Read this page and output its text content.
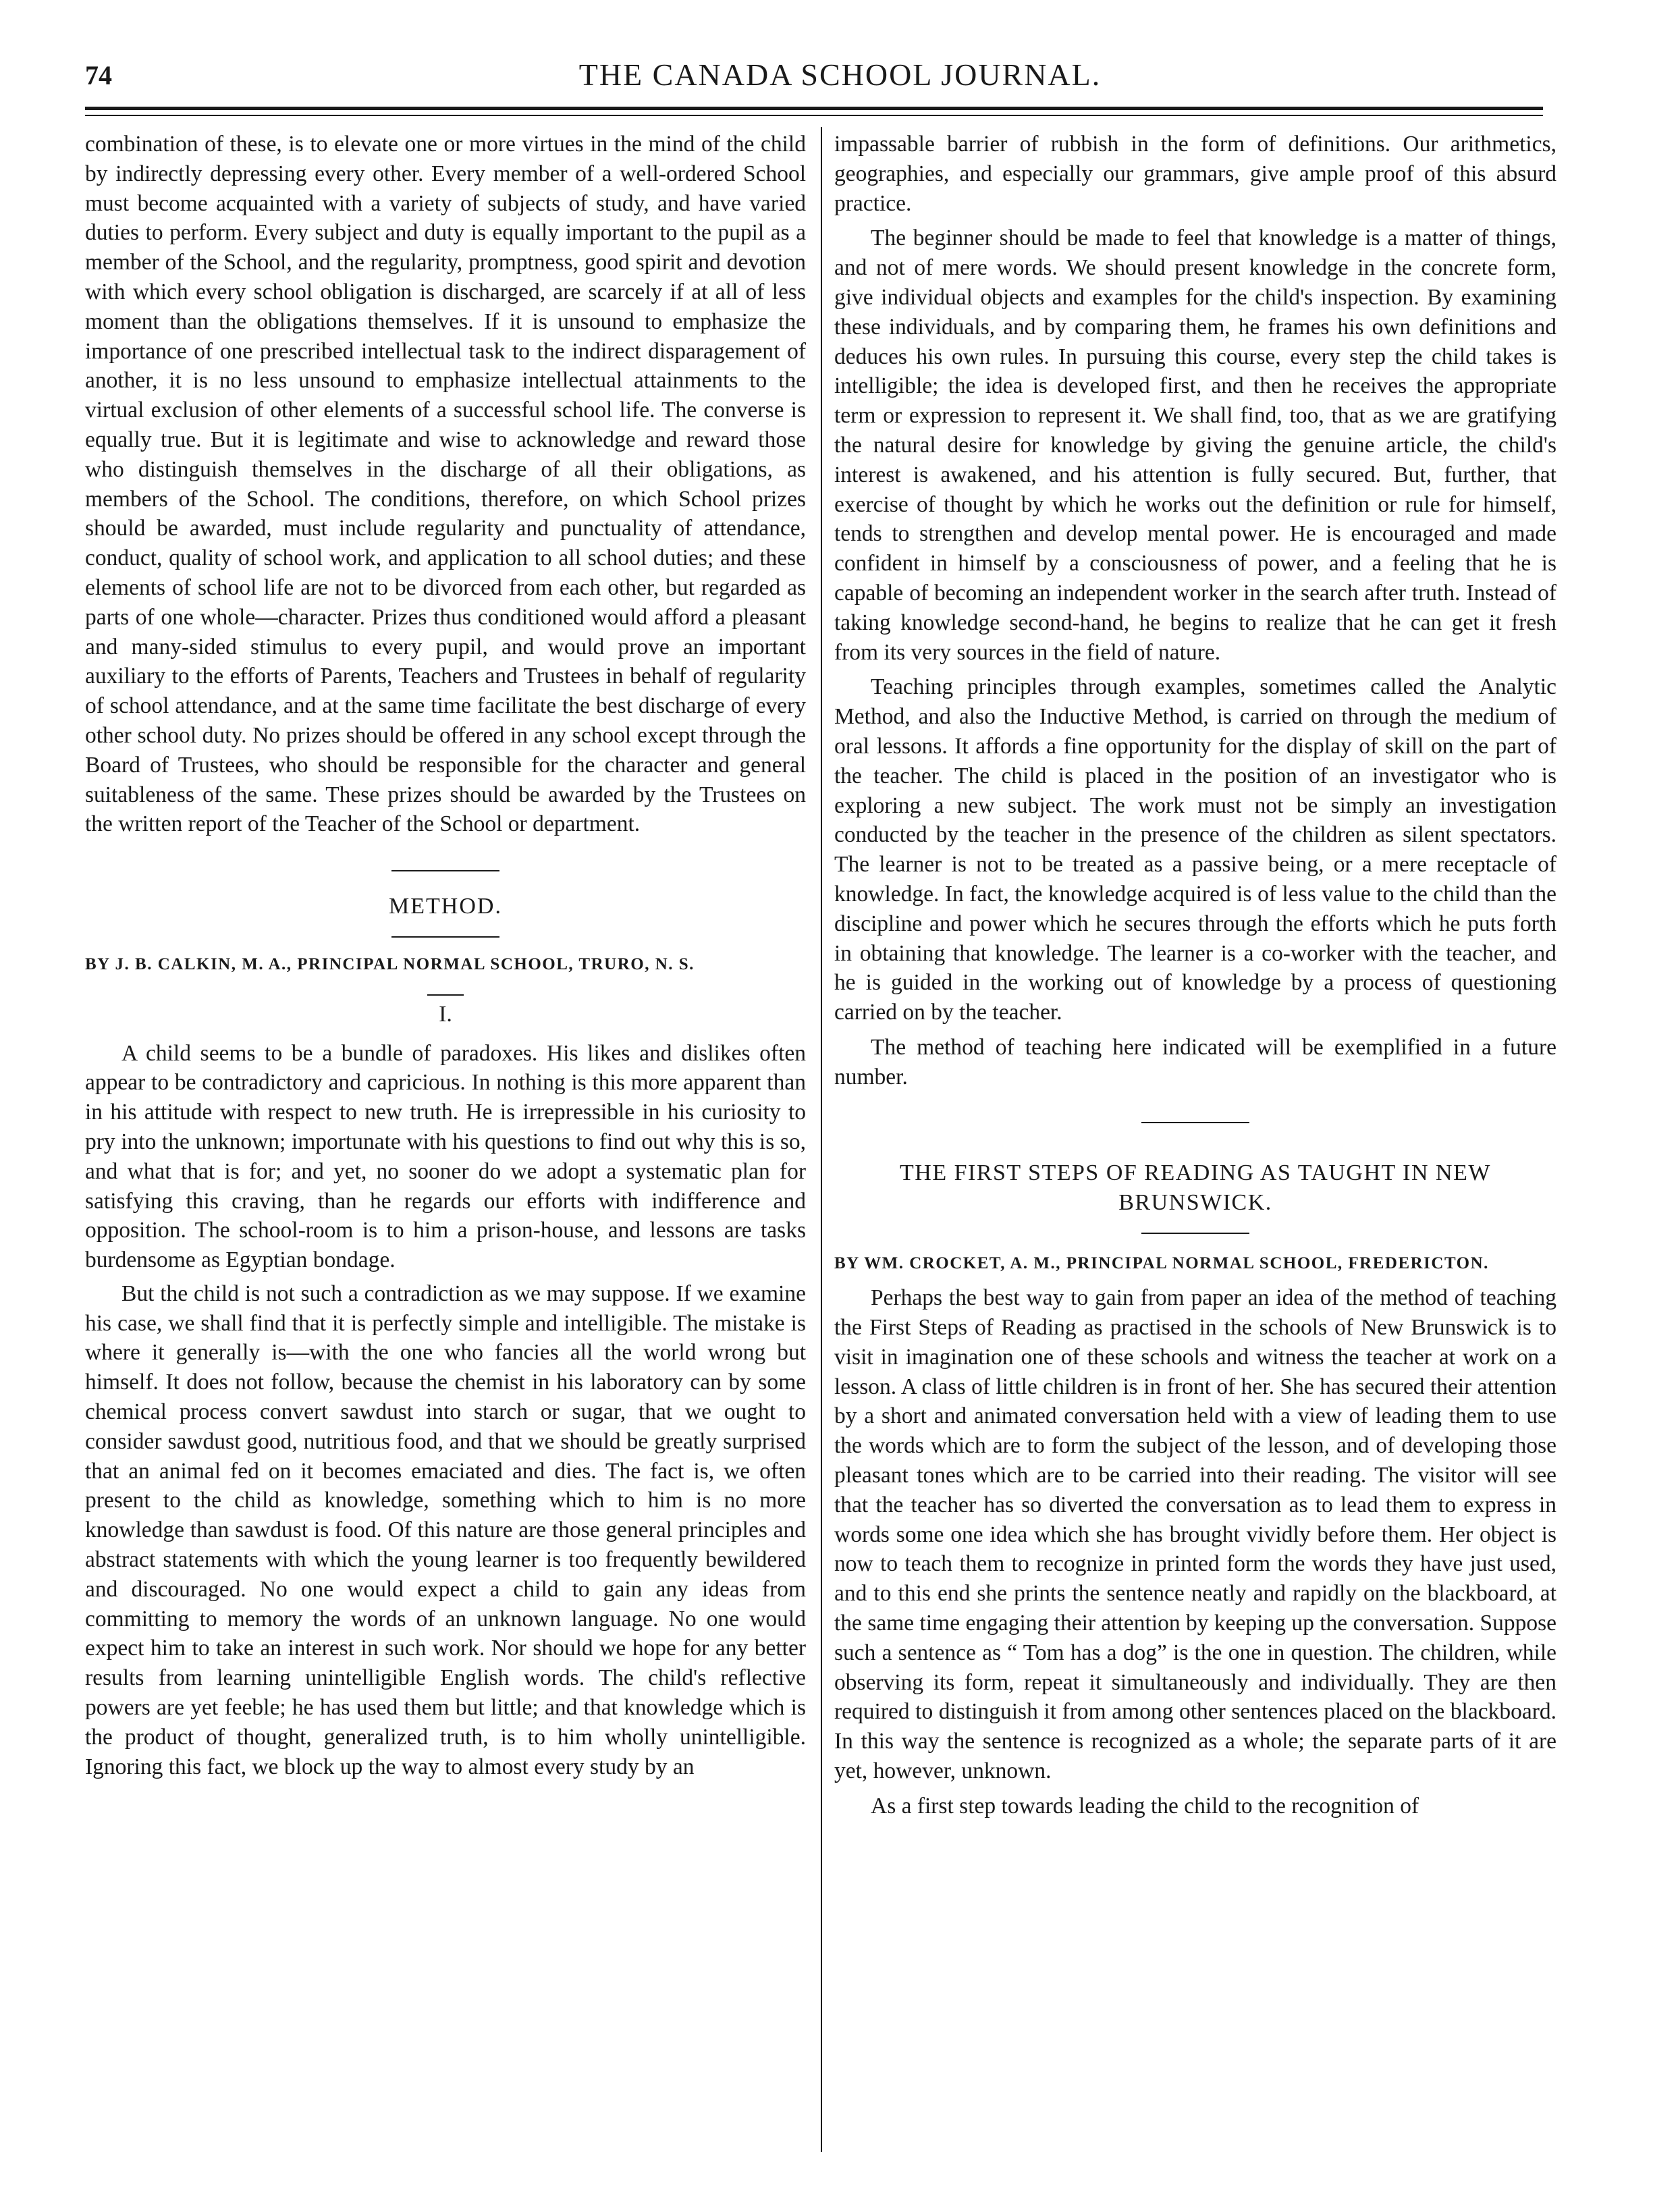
74	THE CANADA SCHOOL JOURNAL.

combination of these, is to elevate one or more virtues in the mind of the child by indirectly depressing every other. Every member of a well-ordered School must become acquainted with a variety of subjects of study, and have varied duties to perform. Every subject and duty is equally important to the pupil as a member of the School, and the regularity, promptness, good spirit and devotion with which every school obligation is discharged, are scarcely if at all of less moment than the obligations themselves. If it is unsound to emphasize the importance of one prescribed intellectual task to the indirect disparagement of another, it is no less unsound to emphasize intellectual attainments to the virtual exclusion of other elements of a successful school life. The converse is equally true. But it is legitimate and wise to acknowledge and reward those who distinguish themselves in the discharge of all their obligations, as members of the School. The conditions, therefore, on which School prizes should be awarded, must include regularity and punctuality of attendance, conduct, quality of school work, and application to all school duties; and these elements of school life are not to be divorced from each other, but regarded as parts of one whole—character. Prizes thus conditioned would afford a pleasant and many-sided stimulus to every pupil, and would prove an important auxiliary to the efforts of Parents, Teachers and Trustees in behalf of regularity of school attendance, and at the same time facilitate the best discharge of every other school duty. No prizes should be offered in any school except through the Board of Trustees, who should be responsible for the character and general suitableness of the same. These prizes should be awarded by the Trustees on the written report of the Teacher of the School or department.

METHOD.
BY J. B. CALKIN, M. A., PRINCIPAL NORMAL SCHOOL, TRURO, N. S.
I.

A child seems to be a bundle of paradoxes. His likes and dislikes often appear to be contradictory and capricious. In nothing is this more apparent than in his attitude with respect to new truth. He is irrepressible in his curiosity to pry into the unknown; importunate with his questions to find out why this is so, and what that is for; and yet, no sooner do we adopt a systematic plan for satisfying this craving, than he regards our efforts with indifference and opposition. The school-room is to him a prison-house, and lessons are tasks burdensome as Egyptian bondage.

But the child is not such a contradiction as we may suppose. If we examine his case, we shall find that it is perfectly simple and intelligible. The mistake is where it generally is—with the one who fancies all the world wrong but himself. It does not follow, because the chemist in his laboratory can by some chemical process convert sawdust into starch or sugar, that we ought to consider sawdust good, nutritious food, and that we should be greatly surprised that an animal fed on it becomes emaciated and dies. The fact is, we often present to the child as knowledge, something which to him is no more knowledge than sawdust is food. Of this nature are those general principles and abstract statements with which the young learner is too frequently bewildered and discouraged. No one would expect a child to gain any ideas from committing to memory the words of an unknown language. No one would expect him to take an interest in such work. Nor should we hope for any better results from learning unintelligible English words. The child's reflective powers are yet feeble; he has used them but little; and that knowledge which is the product of thought, generalized truth, is to him wholly unintelligible. Ignoring this fact, we block up the way to almost every study by an

impassable barrier of rubbish in the form of definitions. Our arithmetics, geographies, and especially our grammars, give ample proof of this absurd practice.

The beginner should be made to feel that knowledge is a matter of things, and not of mere words. We should present knowledge in the concrete form, give individual objects and examples for the child's inspection. By examining these individuals, and by comparing them, he frames his own definitions and deduces his own rules. In pursuing this course, every step the child takes is intelligible; the idea is developed first, and then he receives the appropriate term or expression to represent it. We shall find, too, that as we are gratifying the natural desire for knowledge by giving the genuine article, the child's interest is awakened, and his attention is fully secured. But, further, that exercise of thought by which he works out the definition or rule for himself, tends to strengthen and develop mental power. He is encouraged and made confident in himself by a consciousness of power, and a feeling that he is capable of becoming an independent worker in the search after truth. Instead of taking knowledge second-hand, he begins to realize that he can get it fresh from its very sources in the field of nature.

Teaching principles through examples, sometimes called the Analytic Method, and also the Inductive Method, is carried on through the medium of oral lessons. It affords a fine opportunity for the display of skill on the part of the teacher. The child is placed in the position of an investigator who is exploring a new subject. The work must not be simply an investigation conducted by the teacher in the presence of the children as silent spectators. The learner is not to be treated as a passive being, or a mere receptacle of knowledge. In fact, the knowledge acquired is of less value to the child than the discipline and power which he secures through the efforts which he puts forth in obtaining that knowledge. The learner is a co-worker with the teacher, and he is guided in the working out of knowledge by a process of questioning carried on by the teacher.

The method of teaching here indicated will be exemplified in a future number.

THE FIRST STEPS OF READING AS TAUGHT IN NEW BRUNSWICK.
BY WM. CROCKET, A. M., PRINCIPAL NORMAL SCHOOL, FREDERICTON.

Perhaps the best way to gain from paper an idea of the method of teaching the First Steps of Reading as practised in the schools of New Brunswick is to visit in imagination one of these schools and witness the teacher at work on a lesson. A class of little children is in front of her. She has secured their attention by a short and animated conversation held with a view of leading them to use the words which are to form the subject of the lesson, and of developing those pleasant tones which are to be carried into their reading. The visitor will see that the teacher has so diverted the conversation as to lead them to express in words some one idea which she has brought vividly before them. Her object is now to teach them to recognize in printed form the words they have just used, and to this end she prints the sentence neatly and rapidly on the blackboard, at the same time engaging their attention by keeping up the conversation. Suppose such a sentence as “ Tom has a dog” is the one in question. The children, while observing its form, repeat it simultaneously and individually. They are then required to distinguish it from among other sentences placed on the blackboard. In this way the sentence is recognized as a whole; the separate parts of it are yet, however, unknown.

As a first step towards leading the child to the recognition of
